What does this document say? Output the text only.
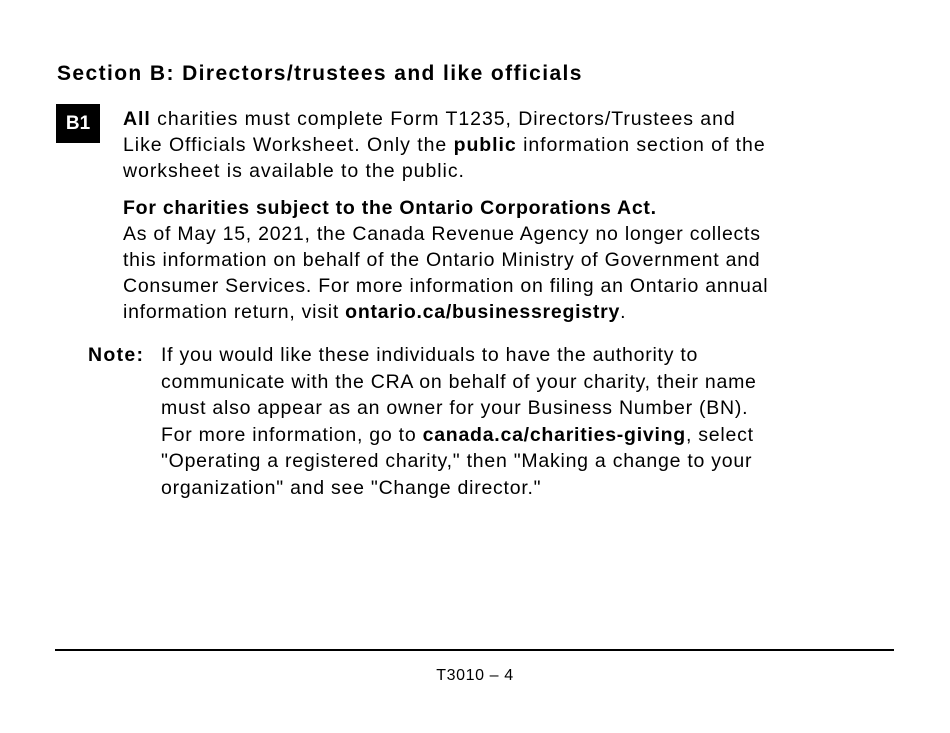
Section B: Directors/trustees and like officials
B1	All charities must complete Form T1235, Directors/Trustees and
Like Officials Worksheet. Only the public information section of the
worksheet is available to the public.

For charities subject to the Ontario Corporations Act.
As of May 15, 2021, the Canada Revenue Agency no longer collects
this information on behalf of the Ontario Ministry of Government and
Consumer Services. For more information on filing an Ontario annual
information return, visit ontario.ca/businessregistry.

Note: If you would like these individuals to have the authority to
communicate with the CRA on behalf of your charity, their name
must also appear as an owner for your Business Number (BN).
For more information, go to canada.ca/charities-giving, select
"Operating a registered charity," then "Making a change to your
organization" and see "Change director."

T3010 – 4
